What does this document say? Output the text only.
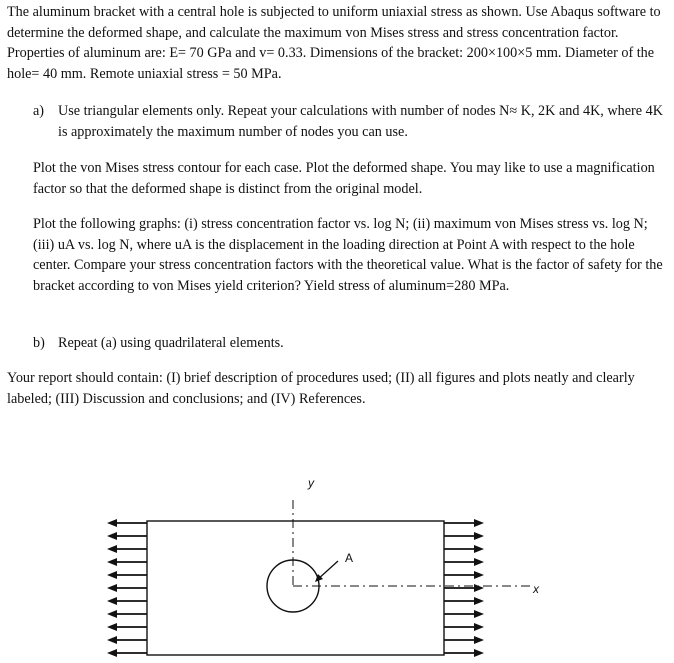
The aluminum bracket with a central hole is subjected to uniform uniaxial stress as shown. Use Abaqus software to determine the deformed shape, and calculate the maximum von Mises stress and stress concentration factor. Properties of aluminum are: E= 70 GPa and v= 0.33. Dimensions of the bracket: 200×100×5 mm. Diameter of the hole= 40 mm. Remote uniaxial stress = 50 MPa.
a) Use triangular elements only. Repeat your calculations with number of nodes N≈ K, 2K and 4K, where 4K is approximately the maximum number of nodes you can use.
Plot the von Mises stress contour for each case. Plot the deformed shape. You may like to use a magnification factor so that the deformed shape is distinct from the original model.
Plot the following graphs: (i) stress concentration factor vs. log N; (ii) maximum von Mises stress vs. log N; (iii) uA vs. log N, where uA is the displacement in the loading direction at Point A with respect to the hole center. Compare your stress concentration factors with the theoretical value. What is the factor of safety for the bracket according to von Mises yield criterion? Yield stress of aluminum=280 MPa.
b) Repeat (a) using quadrilateral elements.
Your report should contain: (I) brief description of procedures used; (II) all figures and plots neatly and clearly labeled; (III) Discussion and conclusions; and (IV) References.
y
x
A
